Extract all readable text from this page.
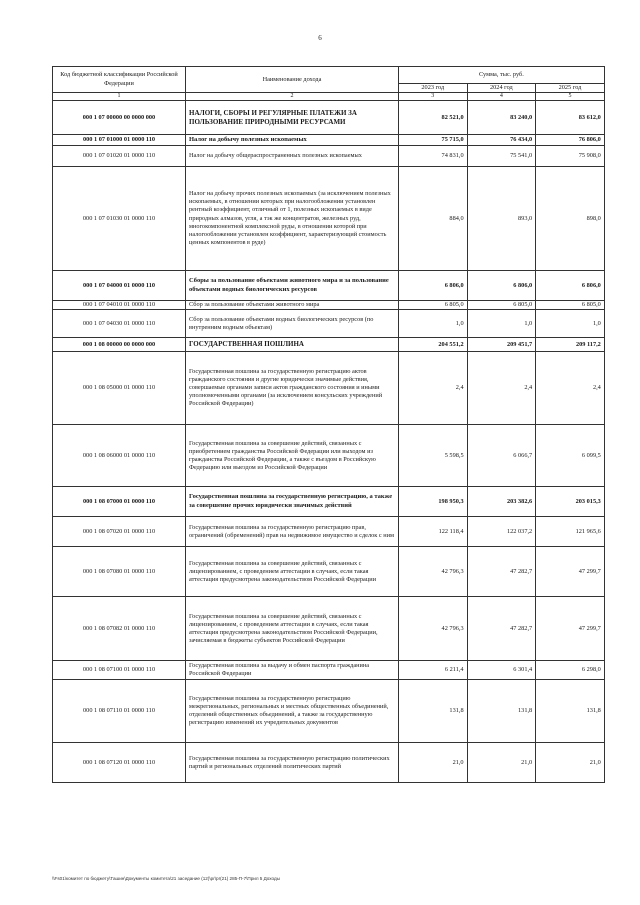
6
Код бюджетной классификации Российской Федерации	Наименование дохода	Сумма, тыс. руб.		
		2023 год	2024 год	2025 год
1	2	3	4	5
000 1 07 00000 00 0000 000	НАЛОГИ, СБОРЫ И РЕГУЛЯРНЫЕ ПЛАТЕЖИ ЗА ПОЛЬЗОВАНИЕ ПРИРОДНЫМИ РЕСУРСАМИ	82 521,0	83 240,0	83 612,0
000 1 07 01000 01 0000 110	Налог на добычу полезных ископаемых	75 715,0	76 434,0	76 806,0
000 1 07 01020 01 0000 110	Налог на добычу общераспространенных полезных ископаемых	74 831,0	75 541,0	75 908,0
000 1 07 01030 01 0000 110	Налог на добычу прочих полезных ископаемых (за исключением полезных ископаемых, в отношении которых при налогообложении установлен рентный коэффициент, отличный от 1, полезных ископаемых в виде природных алмазов, угля, а тэк же концентратов, железных руд, многокомпонентной комплексной руды, в отношении которой при налогообложении установлен коэффициент, характеризующий стоимость ценных компонентов в руде)	884,0	893,0	898,0
000 1 07 04000 01 0000 110	Сборы за пользование объектами животного мира и за пользование объектами водных биологических ресурсов	6 806,0	6 806,0	6 806,0
000 1 07 04010 01 0000 110	Сбор за пользование объектами животного мира	6 805,0	6 805,0	6 805,0
000 1 07 04030 01 0000 110	Сбор за пользование объектами водных биологических ресурсов (по внутренним водным объектам)	1,0	1,0	1,0
000 1 08 00000 00 0000 000	ГОСУДАРСТВЕННАЯ ПОШЛИНА	204 551,2	209 451,7	209 117,2
000 1 08 05000 01 0000 110	Государственная пошлина за государственную регистрацию актов гражданского состояния и другие юридически значимые действия, совершаемые органами записи актов гражданского состояния и иными уполномоченными органами (за исключением консульских учреждений Российской Федерации)	2,4	2,4	2,4
000 1 08 06000 01 0000 110	Государственная пошлина за совершение действий, связанных с приобретением гражданства Российской Федерации или выходом из гражданства Российской Федерации, а также с въездом в Российскую Федерацию или выездом из Российской Федерации	5 598,5	6 066,7	6 099,5
000 1 08 07000 01 0000 110	Государственная пошлина за государственную регистрацию, а также за совершение прочих юридически значимых действий	198 950,3	203 382,6	203 015,3
000 1 08 07020 01 0000 110	Государственная пошлина за государственную регистрацию прав, ограничений (обременений) прав на недвижимое имущество и сделок с ним	122 118,4	122 037,2	121 965,6
000 1 08 07080 01 0000 110	Государственная пошлина за совершение действий, связанных с лицензированием, с проведением аттестации в случаях, если такая аттестация предусмотрена законодательством Российской Федерации	42 796,3	47 282,7	47 299,7
000 1 08 07082 01 0000 110	Государственная пошлина за совершение действий, связанных с лицензированием, с проведением аттестации в случаях, если такая аттестация предусмотрена законодательством Российской Федерации, зачисляемая в бюджеты субъектов Российской Федерации	42 796,3	47 282,7	47 299,7
000 1 08 07100 01 0000 110	Государственная пошлина за выдачу и обмен паспорта гражданина Российской Федерации	6 211,4	6 301,4	6 298,0
000 1 08 07110 01 0000 110	Государственная пошлина за государственную регистрацию межрегиональных, региональных и местных общественных объединений, отделений общественных объединений, а также за государственную регистрацию изменений их учредительных документов	131,8	131,8	131,8
000 1 08 07120 01 0000 110	Государственная пошлина за государственную регистрацию политических партий и региональных отделений политических партий	21,0	21,0	21,0
\\Fs01\комитет по бюджету\Ташин\Документы комитета\21 заседание (12)\pr\pr(21) 285-П-7\Прил 5 Доходы
